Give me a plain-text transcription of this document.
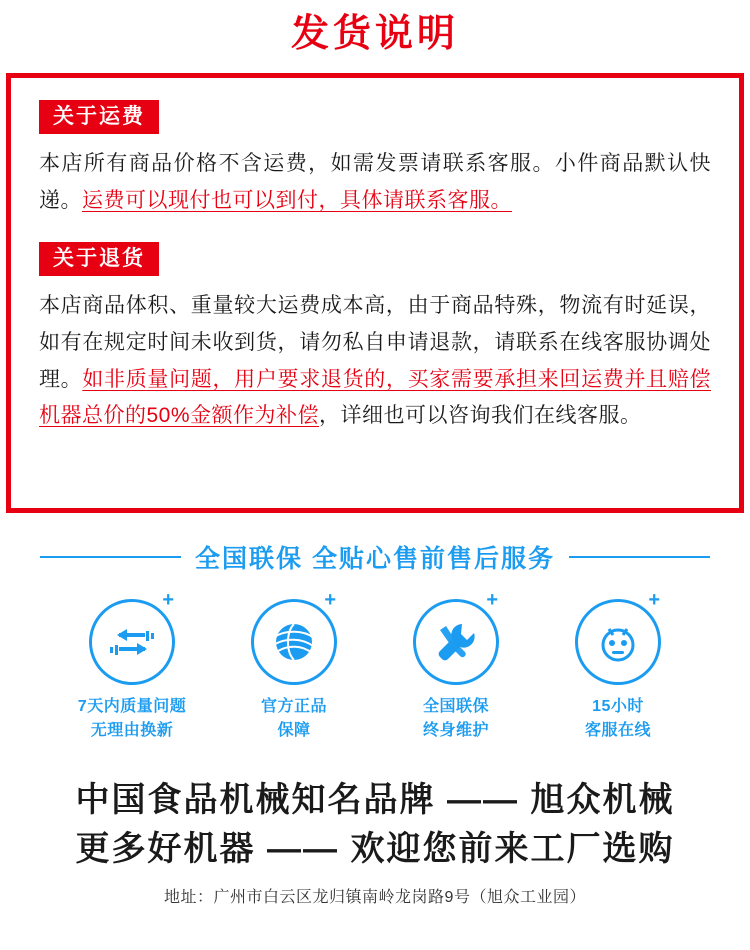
发货说明
关于运费

本店所有商品价格不含运费，如需发票请联系客服。小件商品默认快递。运费可以现付也可以到付，具体请联系客服。

关于退货

本店商品体积、重量较大运费成本高，由于商品特殊，物流有时延误，如有在规定时间未收到货，请勿私自申请退款，请联系在线客服协调处理。如非质量问题，用户要求退货的，买家需要承担来回运费并且赔偿机器总价的50%金额作为补偿，详细也可以咨询我们在线客服。

全国联保 全贴心售前售后服务
+
7天内质量问题
无理由换新
+
官方正品
保障
+
全国联保
终身维护
+
15小时
客服在线
中国食品机械知名品牌 —— 旭众机械
更多好机器 —— 欢迎您前来工厂选购
地址：广州市白云区龙归镇南岭龙岗路9号（旭众工业园）
